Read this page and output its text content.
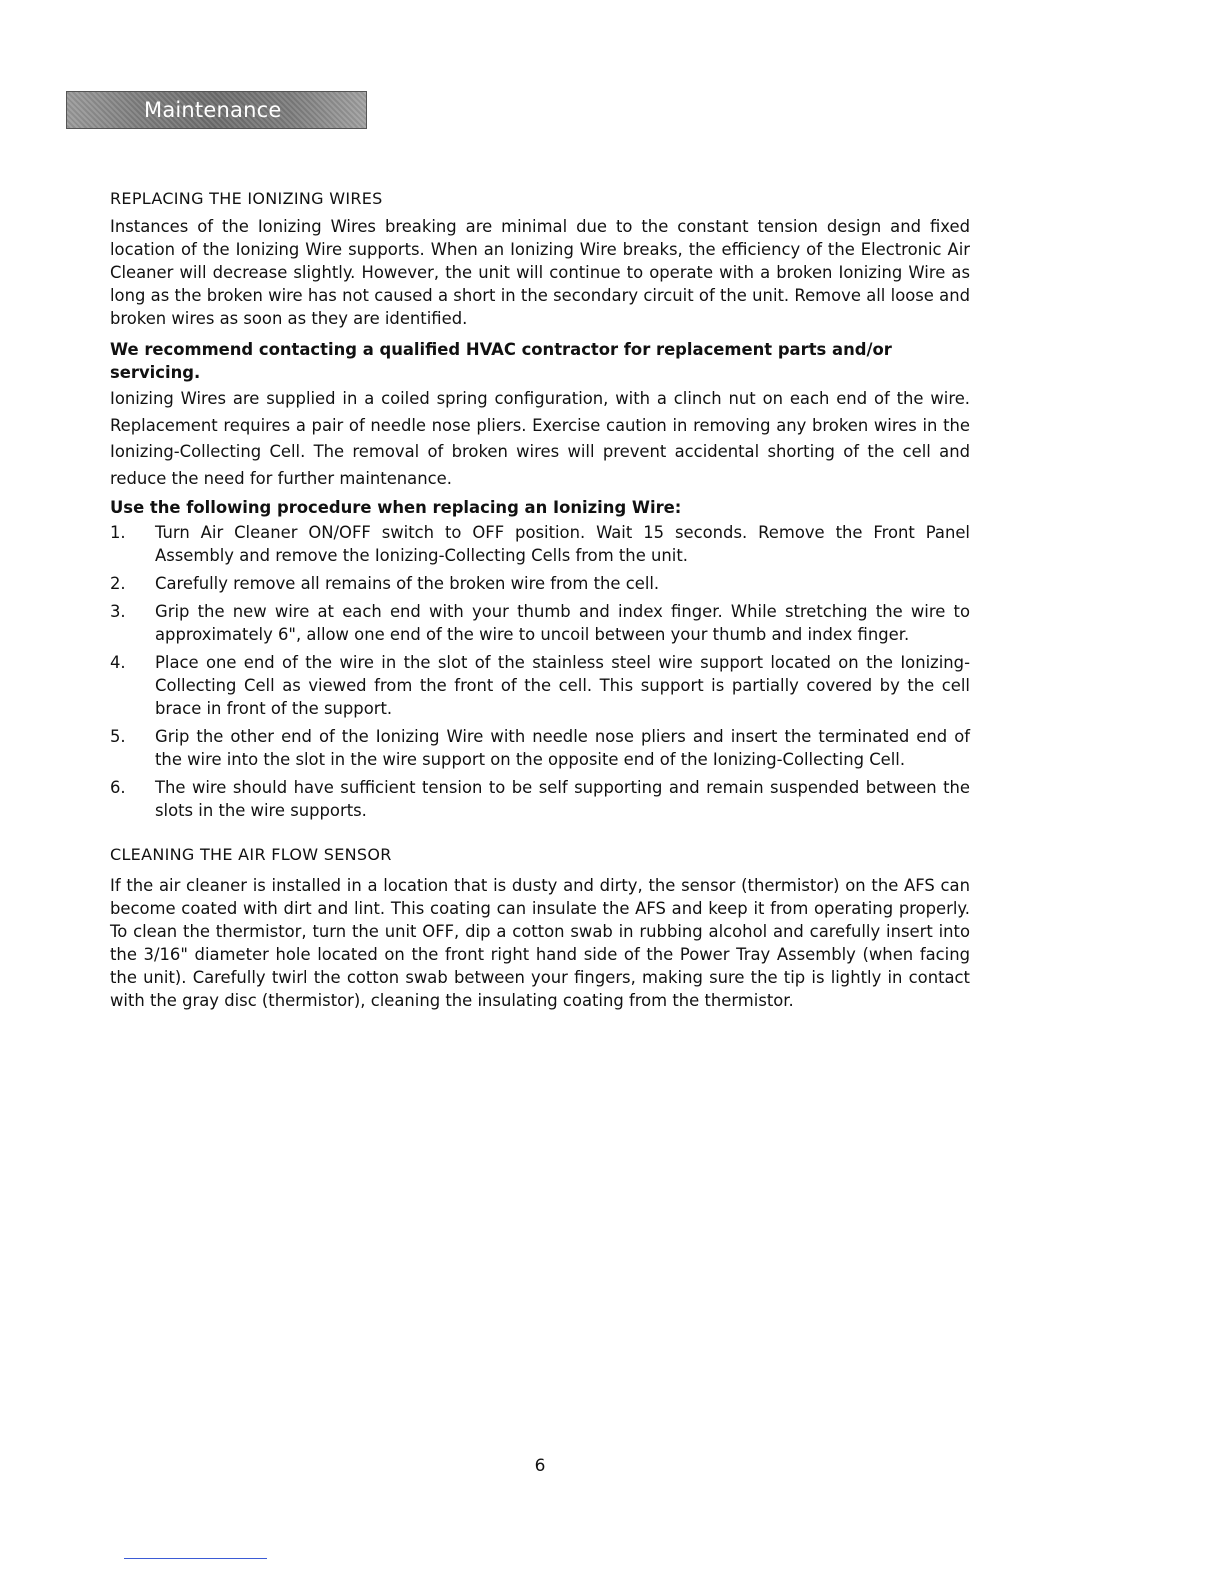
Maintenance
REPLACING THE IONIZING WIRES

Instances of the Ionizing Wires breaking are minimal due to the constant tension design and fixed location of the Ionizing Wire supports. When an Ionizing Wire breaks, the efficiency of the Electronic Air Cleaner will decrease slightly. However, the unit will continue to operate with a broken Ionizing Wire as long as the broken wire has not caused a short in the secondary circuit of the unit. Remove all loose and broken wires as soon as they are identified.

We recommend contacting a qualified HVAC contractor for replacement parts and/or servicing.

Ionizing Wires are supplied in a coiled spring configuration, with a clinch nut on each end of the wire. Replacement requires a pair of needle nose pliers. Exercise caution in removing any broken wires in the Ionizing-Collecting Cell. The removal of broken wires will prevent accidental shorting of the cell and reduce the need for further maintenance.

Use the following procedure when replacing an Ionizing Wire:

1.	Turn Air Cleaner ON/OFF switch to OFF position. Wait 15 seconds. Remove the Front Panel Assembly and remove the Ionizing-Collecting Cells from the unit.
2.	Carefully remove all remains of the broken wire from the cell.
3.	Grip the new wire at each end with your thumb and index finger. While stretching the wire to approximately 6", allow one end of the wire to uncoil between your thumb and index finger.
4.	Place one end of the wire in the slot of the stainless steel wire support located on the Ionizing-Collecting Cell as viewed from the front of the cell. This support is partially covered by the cell brace in front of the support.
5.	Grip the other end of the Ionizing Wire with needle nose pliers and insert the terminated end of the wire into the slot in the wire support on the opposite end of the Ionizing-Collecting Cell.
6.	The wire should have sufficient tension to be self supporting and remain suspended between the slots in the wire supports.
CLEANING THE AIR FLOW SENSOR

If the air cleaner is installed in a location that is dusty and dirty, the sensor (thermistor) on the AFS can become coated with dirt and lint. This coating can insulate the AFS and keep it from operating properly. To clean the thermistor, turn the unit OFF, dip a cotton swab in rubbing alcohol and carefully insert into the 3/16" diameter hole located on the front right hand side of the Power Tray Assembly (when facing the unit). Carefully twirl the cotton swab between your fingers, making sure the tip is lightly in contact with the gray disc (thermistor), cleaning the insulating coating from the thermistor.

6
